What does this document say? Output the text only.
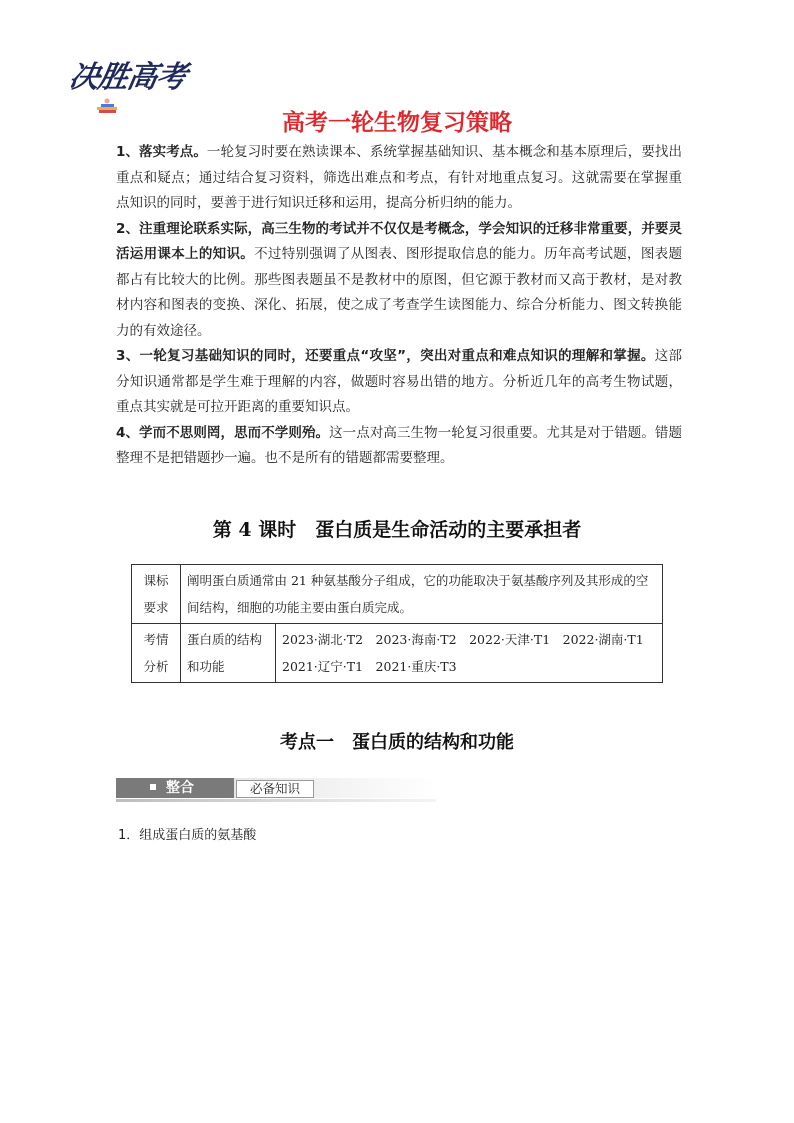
决胜高考
高考一轮生物复习策略

1、落实考点。一轮复习时要在熟读课本、系统掌握基础知识、基本概念和基本原理后，要找出重点和疑点；通过结合复习资料，筛选出难点和考点，有针对地重点复习。这就需要在掌握重点知识的同时，要善于进行知识迁移和运用，提高分析归纳的能力。

2、注重理论联系实际，高三生物的考试并不仅仅是考概念，学会知识的迁移非常重要，并要灵活运用课本上的知识。不过特别强调了从图表、图形提取信息的能力。历年高考试题，图表题都占有比较大的比例。那些图表题虽不是教材中的原图，但它源于教材而又高于教材，是对教材内容和图表的变换、深化、拓展，使之成了考查学生读图能力、综合分析能力、图文转换能力的有效途径。

3、一轮复习基础知识的同时，还要重点“攻坚”，突出对重点和难点知识的理解和掌握。这部分知识通常都是学生难于理解的内容，做题时容易出错的地方。分析近几年的高考生物试题，重点其实就是可拉开距离的重要知识点。

4、学而不思则罔，思而不学则殆。这一点对高三生物一轮复习很重要。尤其是对于错题。错题整理不是把错题抄一遍。也不是所有的错题都需要整理。

第 4 课时　蛋白质是生命活动的主要承担者
课标要求	阐明蛋白质通常由 21 种氨基酸分子组成，它的功能取决于氨基酸序列及其形成的空间结构，细胞的功能主要由蛋白质完成。	
考情分析	蛋白质的结构和功能	2023·湖北·T2　2023·海南·T2　2022·天津·T1　2022·湖南·T1
2021·辽宁·T1　2021·重庆·T3
考点一　蛋白质的结构和功能
整合	必备知识
1．组成蛋白质的氨基酸
